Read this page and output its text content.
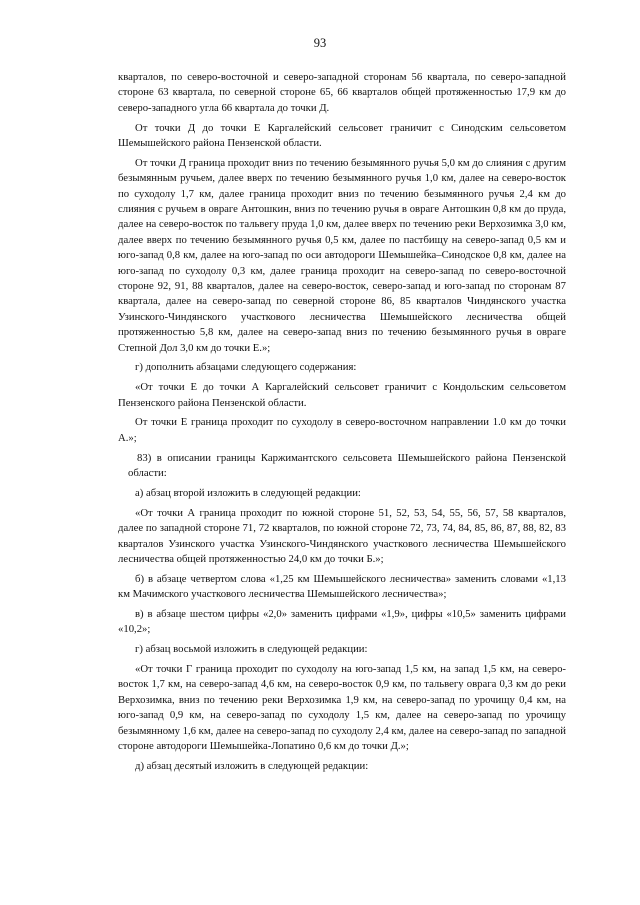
93

кварталов, по северо-восточной и северо-западной сторонам 56 квартала, по северо-западной стороне 63 квартала, по северной стороне 65, 66 кварталов общей протяженностью 17,9 км до северо-западного угла 66 квартала до точки Д.

От точки Д до точки Е Каргалейский сельсовет граничит с Синодским сельсоветом Шемышейского района Пензенской области.

От точки Д граница проходит вниз по течению безымянного ручья 5,0 км до слияния с другим безымянным ручьем, далее вверх по течению безымянного ручья 1,0 км, далее на северо-восток по суходолу 1,7 км, далее граница проходит вниз по течению безымянного ручья 2,4 км до слияния с ручьем в овраге Антошкин, вниз по течению ручья в овраге Антошкин 0,8 км до пруда, далее на северо-восток по тальвегу пруда 1,0 км, далее вверх по течению реки Верхозимка 3,0 км, далее вверх по течению безымянного ручья 0,5 км, далее по пастбищу на северо-запад 0,5 км и юго-запад 0,8 км, далее на юго-запад по оси автодороги Шемышейка–Синодское 0,8 км, далее на юго-запад по суходолу 0,3 км, далее граница проходит на северо-запад по северо-восточной стороне 92, 91, 88 кварталов, далее на северо-восток, северо-запад и юго-запад по сторонам 87 квартала, далее на северо-запад по северной стороне 86, 85 кварталов Чиндянского участка Узинского-Чиндянского участкового лесничества Шемышейского лесничества общей протяженностью 5,8 км, далее на северо-запад вниз по течению безымянного ручья в овраге Степной Дол 3,0 км до точки Е.»;

г) дополнить абзацами следующего содержания:

«От точки Е до точки А Каргалейский сельсовет граничит с Кондольским сельсоветом Пензенского района Пензенской области.

От точки Е граница проходит по суходолу в северо-восточном направлении 1.0 км до точки А.»;

83) в описании границы Каржимантского сельсовета Шемышейского района Пензенской области:

а) абзац второй изложить в следующей редакции:

«От точки А граница проходит по южной стороне 51, 52, 53, 54, 55, 56, 57, 58 кварталов, далее по западной стороне 71, 72 кварталов, по южной стороне 72, 73, 74, 84, 85, 86, 87, 88, 82, 83 кварталов Узинского участка Узинского-Чиндянского участкового лесничества Шемышейского лесничества общей протяженностью 24,0 км до точки Б.»;

б) в абзаце четвертом слова «1,25 км Шемышейского лесничества» заменить словами «1,13 км Мачимского участкового лесничества Шемышейского лесничества»;

в) в абзаце шестом цифры «2,0» заменить цифрами «1,9», цифры «10,5» заменить цифрами «10,2»;

г) абзац восьмой изложить в следующей редакции:

«От точки Г граница проходит по суходолу на юго-запад 1,5 км, на запад 1,5 км, на северо-восток 1,7 км, на северо-запад 4,6 км, на северо-восток 0,9 км, по тальвегу оврага 0,3 км до реки Верхозимка, вниз по течению реки Верхозимка 1,9 км, на северо-запад по урочищу 0,4 км, на юго-запад 0,9 км, на северо-запад по суходолу 1,5 км, далее на северо-запад по урочищу безымянному 1,6 км, далее на северо-запад по суходолу 2,4 км, далее на северо-запад по западной стороне автодороги Шемышейка-Лопатино 0,6 км до точки Д.»;

д) абзац десятый изложить в следующей редакции:
